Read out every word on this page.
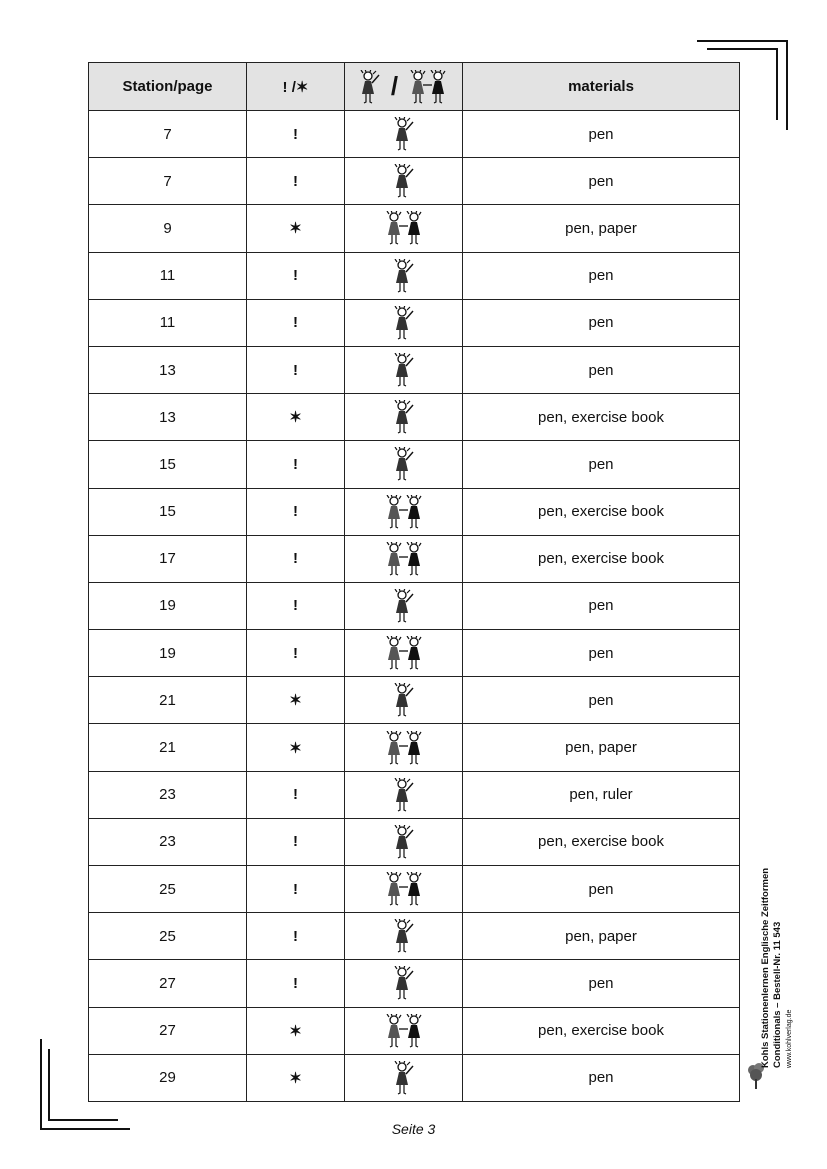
Station/page	! /✶	/	materials
7	!		pen
7	!		pen
9	✶		pen, paper
11	!		pen
11	!		pen
13	!		pen
13	✶		pen, exercise book
15	!		pen
15	!		pen, exercise book
17	!		pen, exercise book
19	!		pen
19	!		pen
21	✶		pen
21	✶		pen, paper
23	!		pen, ruler
23	!		pen, exercise book
25	!		pen
25	!		pen, paper
27	!		pen
27	✶		pen, exercise book
29	✶		pen
Seite 3
Kohls Stationenlernen Englische Zeitformen Conditionals – Bestell-Nr. 11 543 www.kohlverlag.de
